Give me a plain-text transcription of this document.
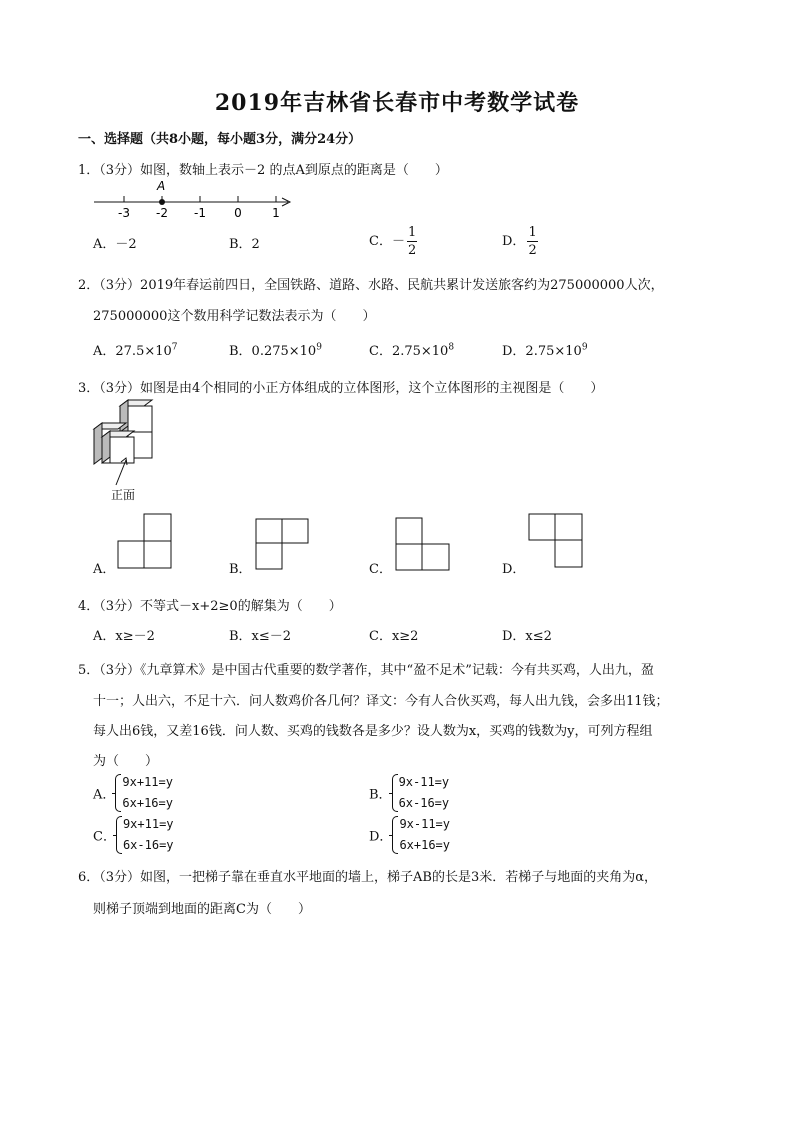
2019年吉林省长春市中考数学试卷
一、选择题（共8小题，每小题3分，满分24分）
1．（3分）如图，数轴上表示－2 的点A到原点的距离是（　　）
A
-3 -2 -1 0	1
A．－2	B．2	C．－ $\frac{1}{2}$	D． $\frac{1}{2}$
2．（3分）2019年春运前四日，全国铁路、道路、水路、民航共累计发送旅客约为275000000人次，
275000000这个数用科学记数法表示为（　　）
A．$27.5\times 10^7$	B．$0.275\times 10^9$	C．$2.75\times 10^8$	D．$2.75\times 10^9$
3．（3分）如图是由4个相同的小正方体组成的立体图形，这个立体图形的主视图是（　　）
正面
A．	B．	C．	D．
4．（3分）不等式－x+2≥0的解集为（　　）
A．x≥－2	B．x≤－2	C．x≥2	D．x≤2
5．（3分）《九章算术》是中国古代重要的数学著作，其中“盈不足术”记载：今有共买鸡，人出九，盈
十一；人出六，不足十六．问人数鸡价各几何？译文：今有人合伙买鸡，每人出九钱，会多出11钱；
每人出6钱，又差16钱．问人数、买鸡的钱数各是多少？设人数为x，买鸡的钱数为y，可列方程组
为（　　）
A．
9x+11=y
6x+16=y
B．
9x-11=y
6x-16=y
C．
9x+11=y
6x-16=y
D．
9x-11=y
6x+16=y
6．（3分）如图，一把梯子靠在垂直水平地面的墙上，梯子AB的长是3米．若梯子与地面的夹角为α，
则梯子顶端到地面的距离C为（　　）
